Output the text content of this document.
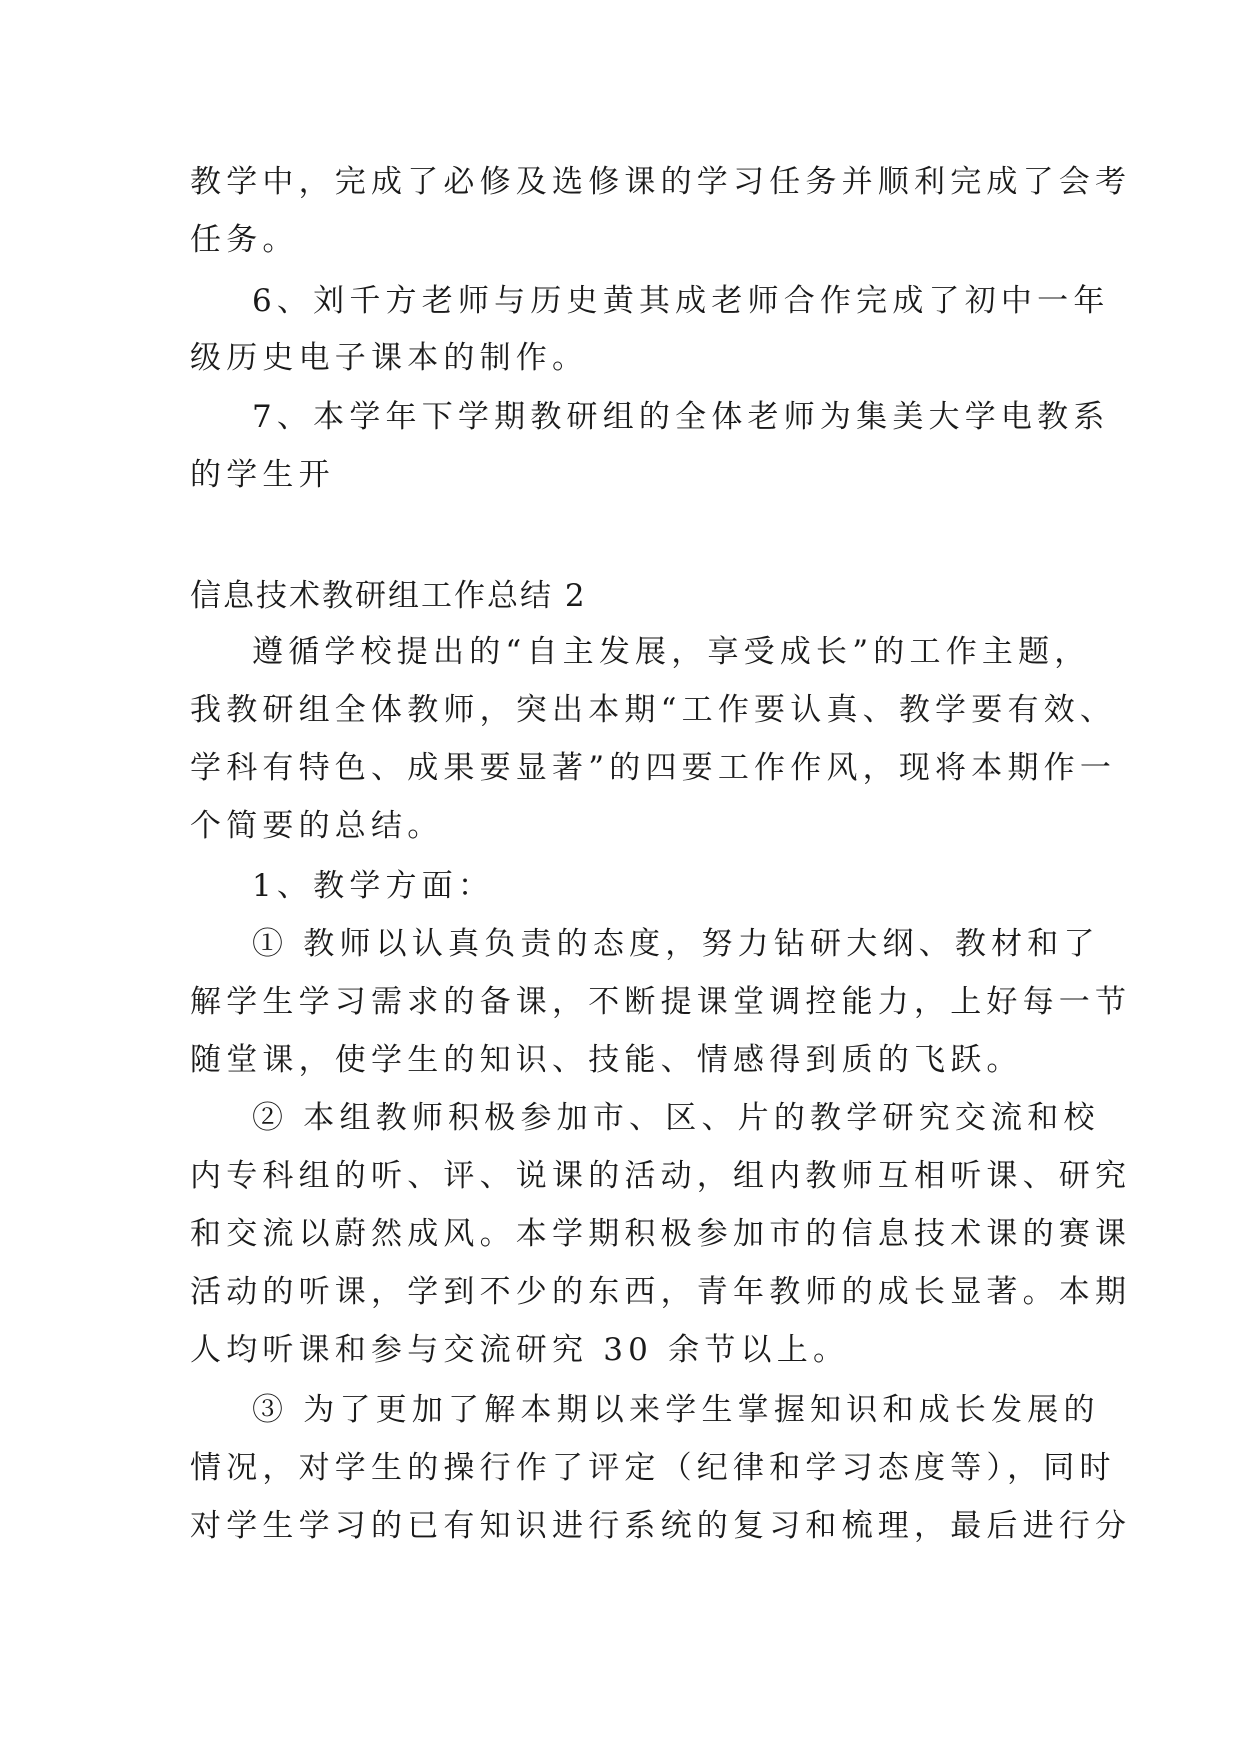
教学中，完成了必修及选修课的学习任务并顺利完成了会考
任务。
6、刘千方老师与历史黄其成老师合作完成了初中一年
级历史电子课本的制作。
7、本学年下学期教研组的全体老师为集美大学电教系
的学生开
信息技术教研组工作总结 2
遵循学校提出的“自主发展，享受成长”的工作主题，
我教研组全体教师，突出本期“工作要认真、教学要有效、
学科有特色、成果要显著”的四要工作作风，现将本期作一
个简要的总结。
1、教学方面：
① 教师以认真负责的态度，努力钻研大纲、教材和了
解学生学习需求的备课，不断提课堂调控能力，上好每一节
随堂课，使学生的知识、技能、情感得到质的飞跃。
② 本组教师积极参加市、区、片的教学研究交流和校
内专科组的听、评、说课的活动，组内教师互相听课、研究
和交流以蔚然成风。本学期积极参加市的信息技术课的赛课
活动的听课，学到不少的东西，青年教师的成长显著。本期
人均听课和参与交流研究 30 余节以上。
③ 为了更加了解本期以来学生掌握知识和成长发展的
情况，对学生的操行作了评定（纪律和学习态度等），同时
对学生学习的已有知识进行系统的复习和梳理，最后进行分
